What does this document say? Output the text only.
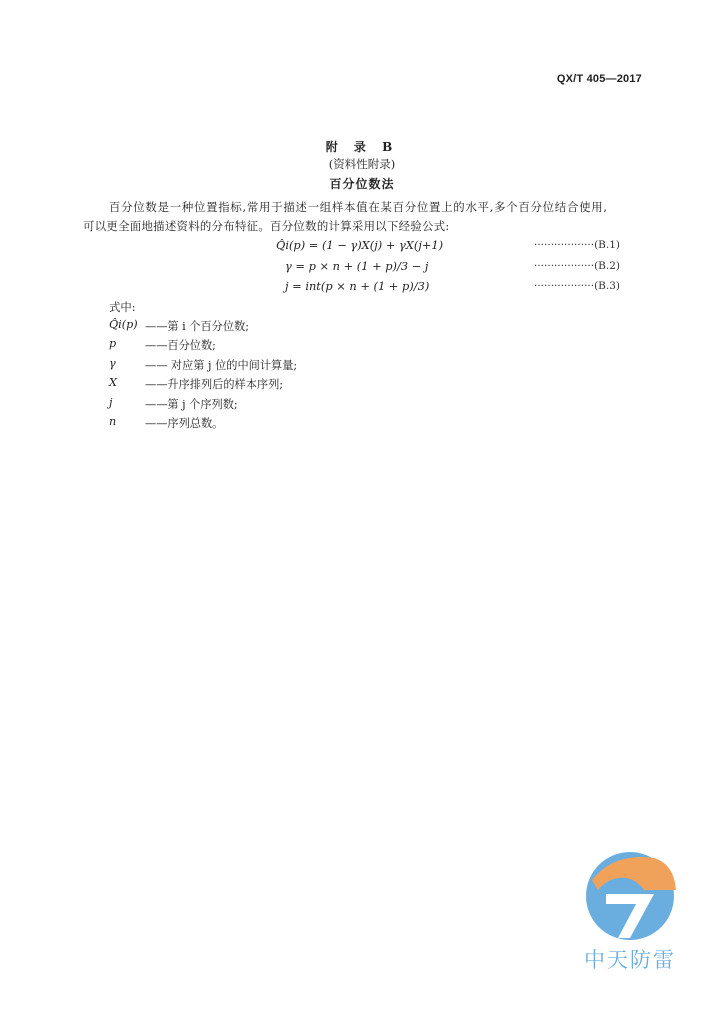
QX/T 405—2017
附 录 B
(资料性附录)
百分位数法
百分位数是一种位置指标,常用于描述一组样本值在某百分位置上的水平,多个百分位结合使用,
可以更全面地描述资料的分布特征。百分位数的计算采用以下经验公式:
Q̂i(p) = (1 − γ)X(j) + γX(j+1)	··················(B.1)
γ = p × n + (1 + p)/3 − j	··················(B.2)
j = int(p × n + (1 + p)/3)	··················(B.3)
式中:
Q̂i(p) ——第 i 个百分位数;
p	——百分位数;
γ	—— 对应第 j 位的中间计算量;
X	——升序排列后的样本序列;
j	——第 j 个序列数;
n	——序列总数。
9
中天防雷
